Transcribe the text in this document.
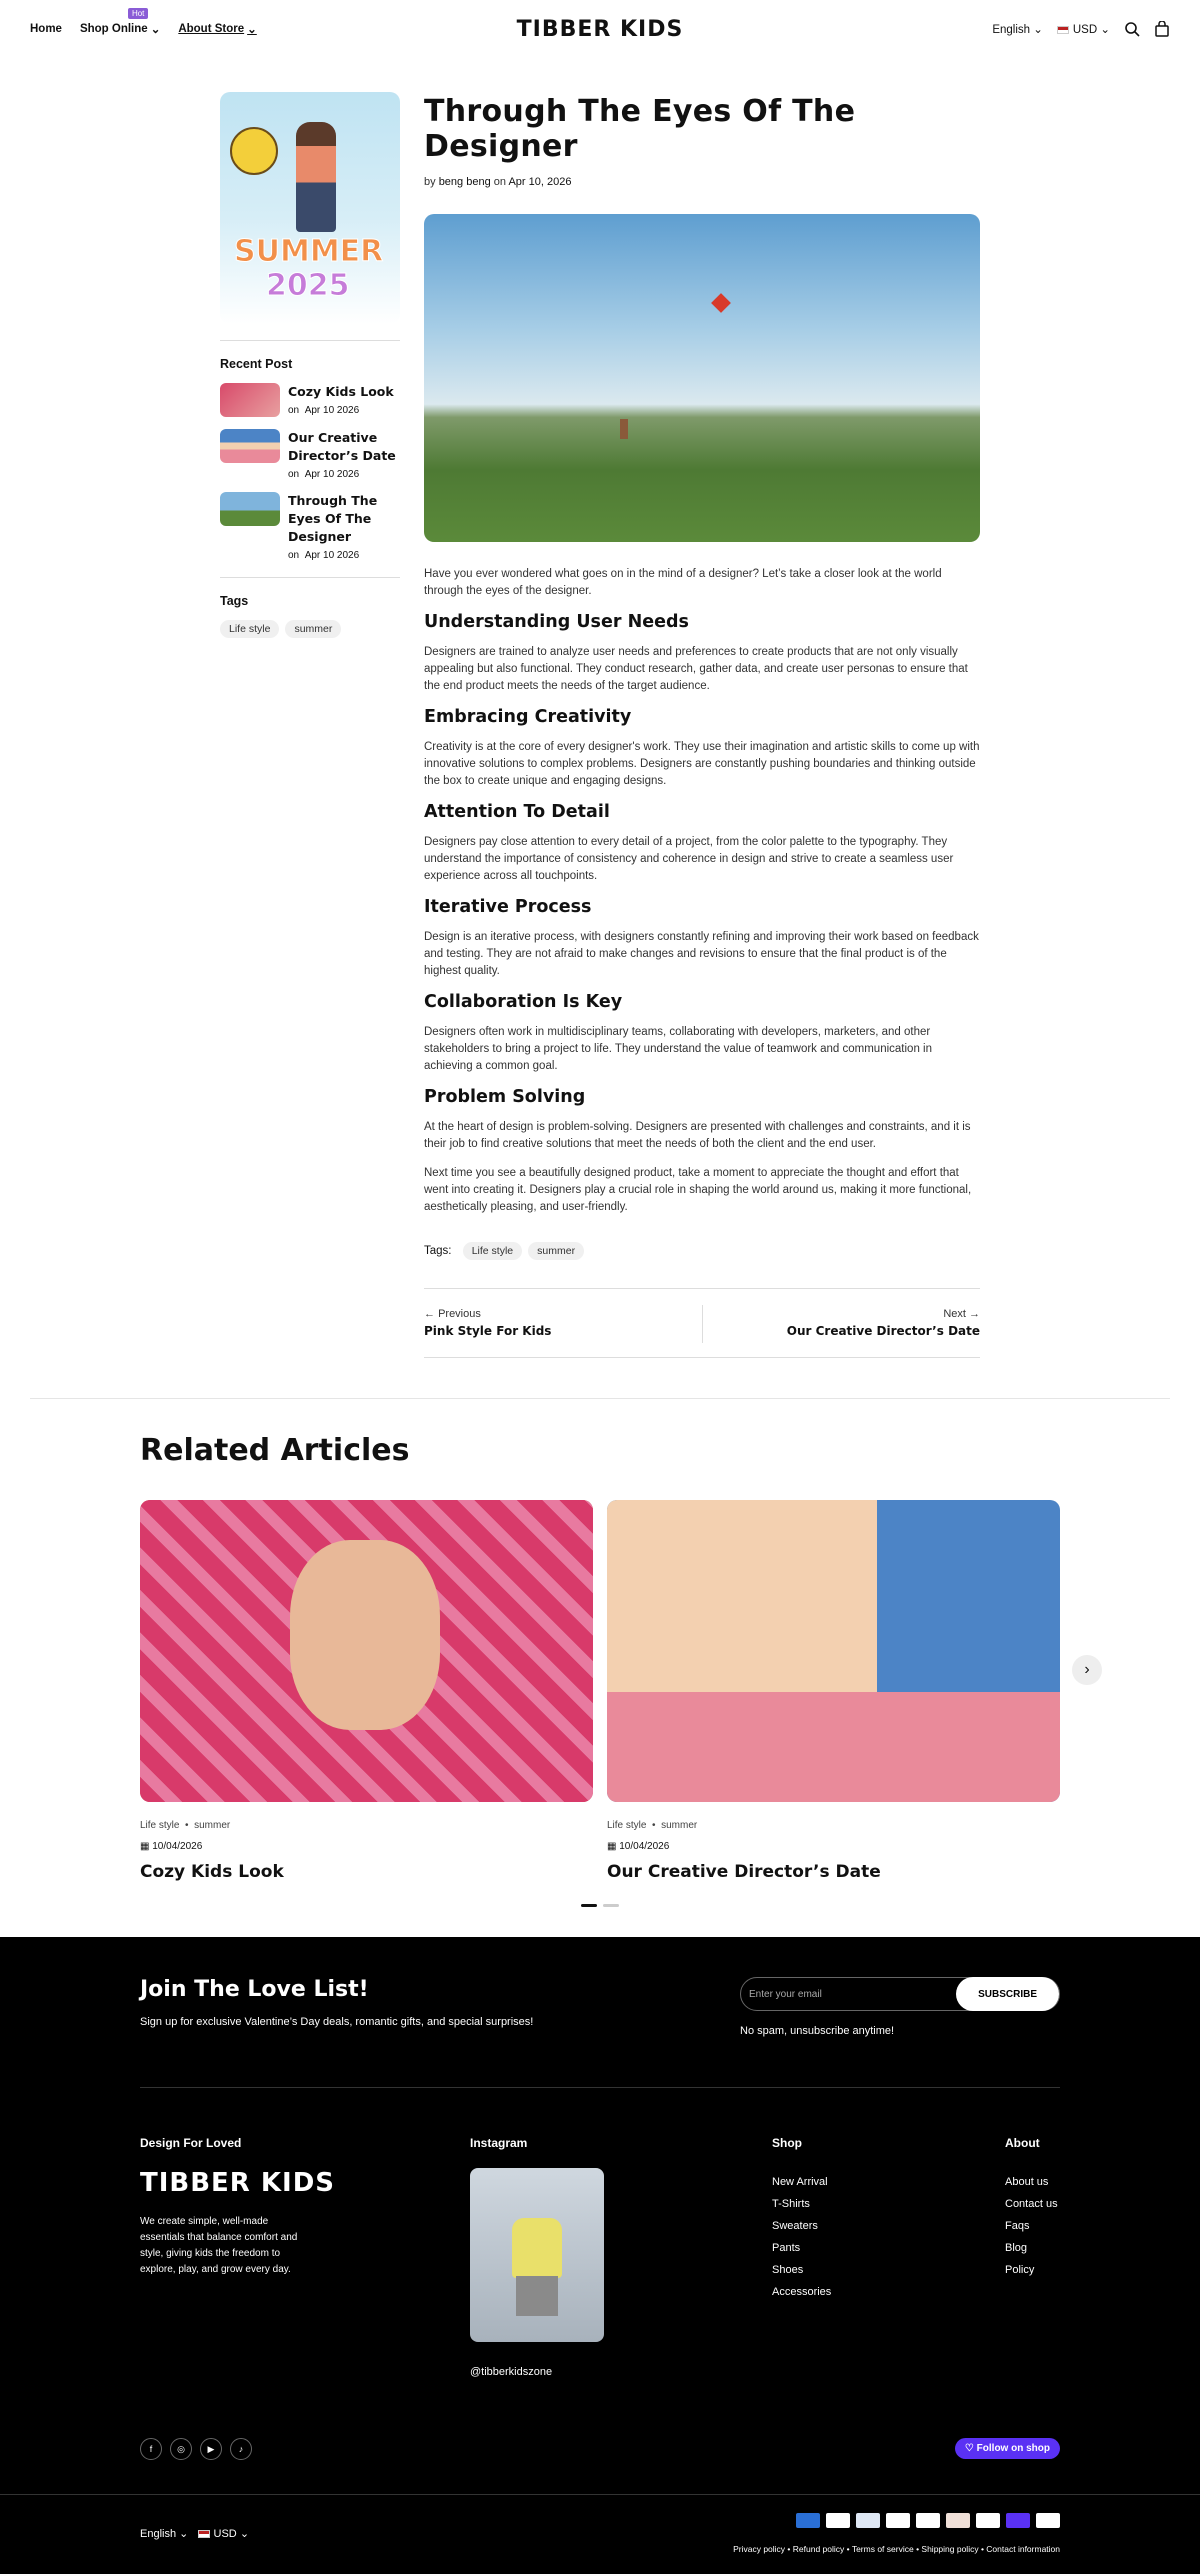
Home Shop Online ⌄
Hot
About Store ⌄	TIBBER KIDS	English ⌄	USD ⌄
SUMMER
2025
Recent Post
Cozy Kids Look
on Apr 10 2026
Our Creative Director’s Date
on Apr 10 2026
Through The Eyes Of The Designer
on Apr 10 2026
Tags
Life style summer
Through The Eyes Of The Designer
by beng beng on Apr 10, 2026

Have you ever wondered what goes on in the mind of a designer? Let’s take a closer look at the world through the eyes of the designer.

Understanding User Needs

Designers are trained to analyze user needs and preferences to create products that are not only visually appealing but also functional. They conduct research, gather data, and create user personas to ensure that the end product meets the needs of the target audience.

Embracing Creativity

Creativity is at the core of every designer's work. They use their imagination and artistic skills to come up with innovative solutions to complex problems. Designers are constantly pushing boundaries and thinking outside the box to create unique and engaging designs.

Attention To Detail

Designers pay close attention to every detail of a project, from the color palette to the typography. They understand the importance of consistency and coherence in design and strive to create a seamless user experience across all touchpoints.

Iterative Process

Design is an iterative process, with designers constantly refining and improving their work based on feedback and testing. They are not afraid to make changes and revisions to ensure that the final product is of the highest quality.

Collaboration Is Key

Designers often work in multidisciplinary teams, collaborating with developers, marketers, and other stakeholders to bring a project to life. They understand the value of teamwork and communication in achieving a common goal.

Problem Solving

At the heart of design is problem-solving. Designers are presented with challenges and constraints, and it is their job to find creative solutions that meet the needs of both the client and the end user.

Next time you see a beautifully designed product, take a moment to appreciate the thought and effort that went into creating it. Designers play a crucial role in shaping the world around us, making it more functional, aesthetically pleasing, and user-friendly.

Tags: Life style summer
← Previous
Pink Style For Kids
Next →
Our Creative Director’s Date
Related Articles
Life style  •  summer
▦ 10/04/2026
Cozy Kids Look
Life style  •  summer
▦ 10/04/2026
Our Creative Director’s Date
›
Join The Love List!

Sign up for exclusive Valentine’s Day deals, romantic gifts, and special surprises!

Enter your email	SUBSCRIBE

No spam, unsubscribe anytime!

Design For Loved
TIBBER KIDS
We create simple, well-made essentials that balance comfort and style, giving kids the freedom to explore, play, and grow every day.
Instagram
@tibberkidszone
Shop
New Arrival
T-Shirts
Sweaters
Pants
Shoes
Accessories
About
About us
Contact us
Faqs
Blog
Policy
f	◎	▶	♪	♡ Follow on shop
English ⌄ USD ⌄
Privacy policy • Refund policy • Terms of service • Shipping policy • Contact information
